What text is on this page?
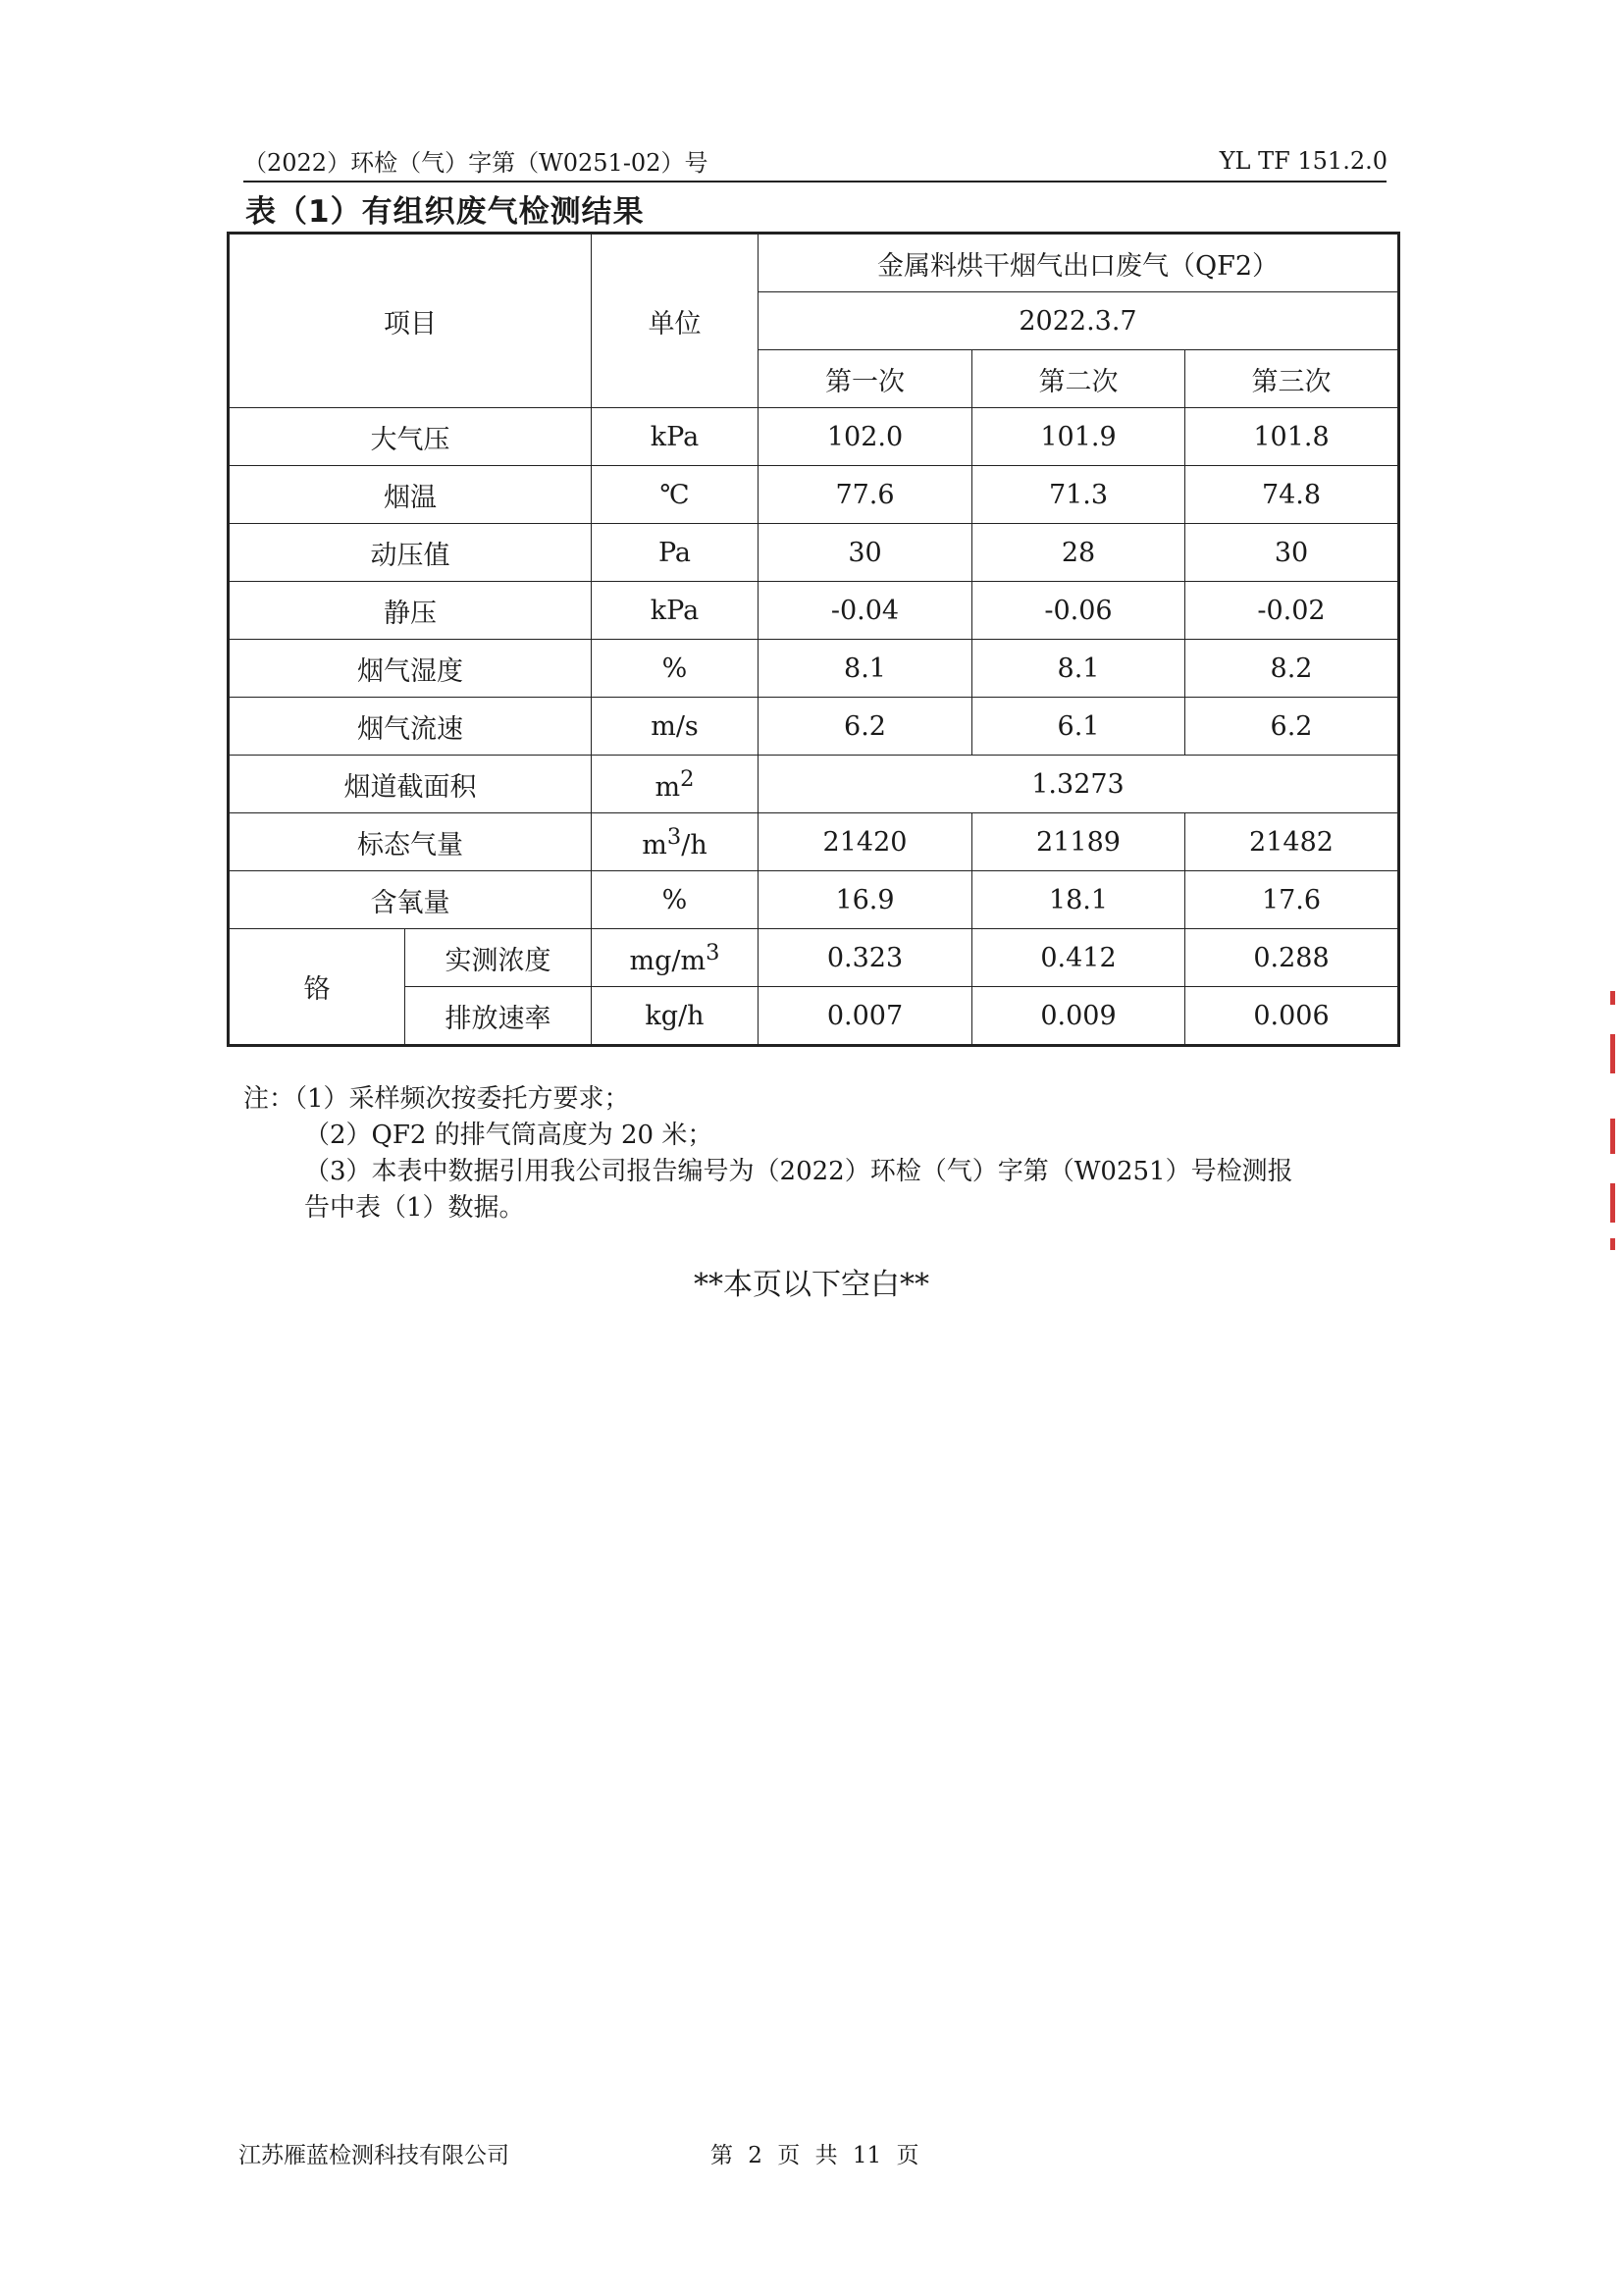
（2022）环检（气）字第（W0251-02）号	YL TF 151.2.0
表（1）有组织废气检测结果
项目		单位	金属料烘干烟气出口废气（QF2）		
			2022.3.7		
			第一次	第二次	第三次
大气压		kPa	102.0	101.9	101.8
烟温		℃	77.6	71.3	74.8
动压值		Pa	30	28	30
静压		kPa	-0.04	-0.06	-0.02
烟气湿度		%	8.1	8.1	8.2
烟气流速		m/s	6.2	6.1	6.2
烟道截面积		$m^2$	1.3273		
标态气量		$m^3/h$	21420	21189	21482
含氧量		%	16.9	18.1	17.6
铬	实测浓度	$mg/m^3$	0.323	0.412	0.288
	排放速率	kg/h	0.007	0.009	0.006
注：（1）采样频次按委托方要求；
（2）QF2 的排气筒高度为 20 米；
（3）本表中数据引用我公司报告编号为（2022）环检（气）字第（W0251）号检测报
告中表（1）数据。
**本页以下空白**
江苏雁蓝检测科技有限公司	第 2 页 共 11 页
